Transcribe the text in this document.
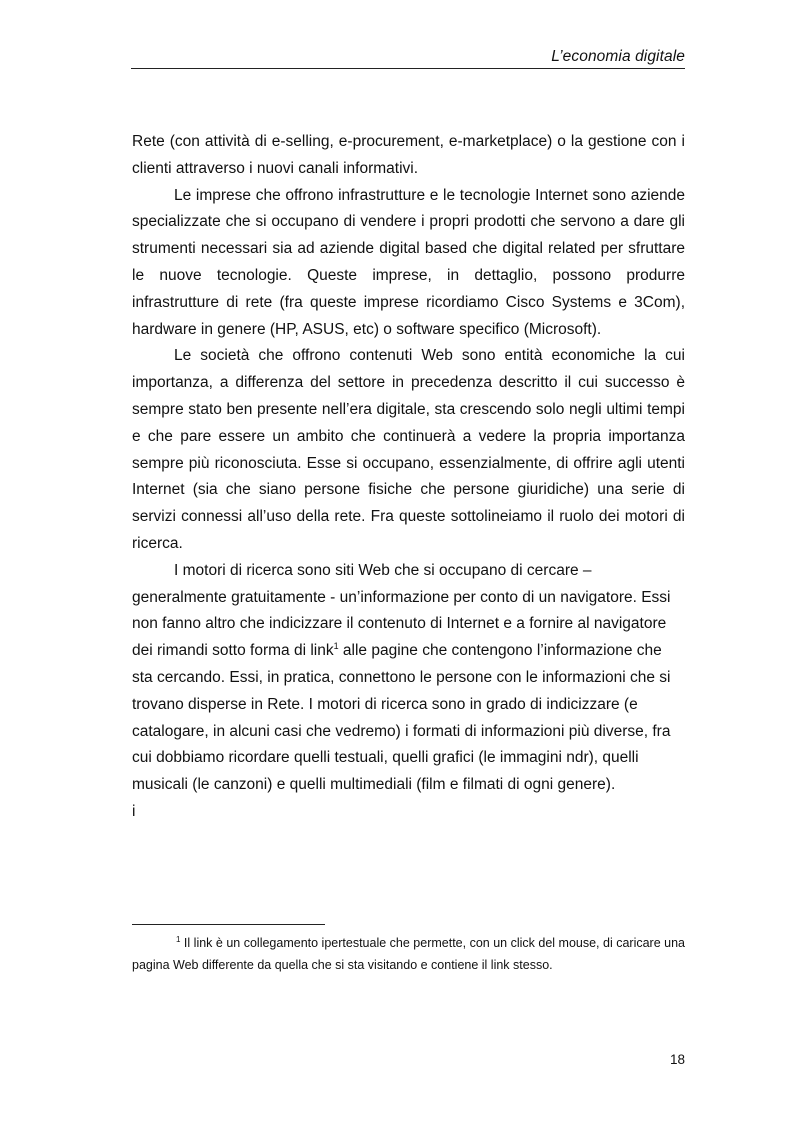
L’economia digitale

Rete (con attività di e-selling, e-procurement, e-marketplace) o la gestione con i clienti attraverso i nuovi canali informativi.

Le imprese che offrono infrastrutture e le tecnologie Internet sono aziende specializzate che si occupano di vendere i propri prodotti che servono a dare gli strumenti necessari sia ad aziende digital based che digital related per sfruttare le nuove tecnologie. Queste imprese, in dettaglio, possono produrre infrastrutture di rete (fra queste imprese ricordiamo Cisco Systems e 3Com), hardware in genere (HP, ASUS, etc) o software specifico (Microsoft).

Le società che offrono contenuti Web sono entità economiche la cui importanza, a differenza del settore in precedenza descritto il cui successo è sempre stato ben presente nell’era digitale, sta crescendo solo negli ultimi tempi e che pare essere un ambito che continuerà a vedere la propria importanza sempre più riconosciuta. Esse si occupano, essenzialmente, di offrire agli utenti Internet (sia che siano persone fisiche che persone giuridiche) una serie di servizi connessi all’uso della rete. Fra queste sottolineiamo il ruolo dei motori di ricerca.

I motori di ricerca sono siti Web che si occupano di cercare – generalmente gratuitamente - un’informazione per conto di un navigatore. Essi non fanno altro che indicizzare il contenuto di Internet e a fornire al navigatore dei rimandi sotto forma di link$^1$ alle pagine che contengono l’informazione che sta cercando. Essi, in pratica, connettono le persone con le informazioni che si trovano disperse in Rete. I motori di ricerca sono in grado di indicizzare (e catalogare, in alcuni casi che vedremo) i formati di informazioni più diverse, fra cui dobbiamo ricordare quelli testuali, quelli grafici (le immagini ndr), quelli musicali (le canzoni) e quelli multimediali (film e filmati di ogni genere).

i

$^1$ Il link è un collegamento ipertestuale che permette, con un click del mouse, di caricare una pagina Web differente da quella che si sta visitando e contiene il link stesso.

18
